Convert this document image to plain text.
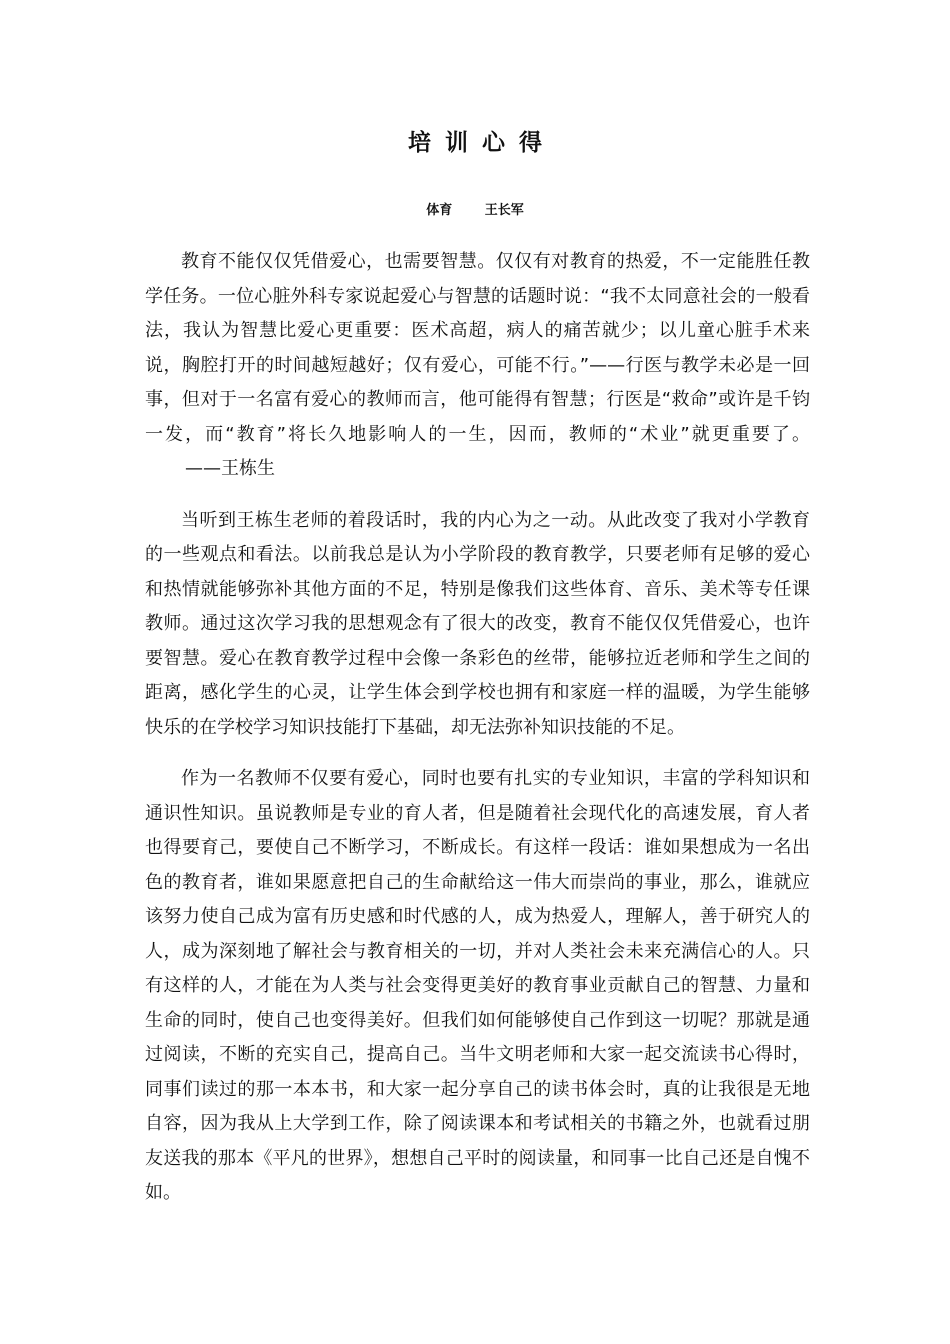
培训心得
体育	王长军

教育不能仅仅凭借爱心，也需要智慧。仅仅有对教育的热爱，不一定能胜任教学任务。一位心脏外科专家说起爱心与智慧的话题时说：“我不太同意社会的一般看法，我认为智慧比爱心更重要：医术高超，病人的痛苦就少；以儿童心脏手术来说，胸腔打开的时间越短越好；仅有爱心，可能不行。”——行医与教学未必是一回事，但对于一名富有爱心的教师而言，他可能得有智慧；行医是“救命”或许是千钧一发，而“教育”将长久地影响人的一生，因而，教师的“术业”就更重要了。——王栋生

当听到王栋生老师的着段话时，我的内心为之一动。从此改变了我对小学教育的一些观点和看法。以前我总是认为小学阶段的教育教学，只要老师有足够的爱心和热情就能够弥补其他方面的不足，特别是像我们这些体育、音乐、美术等专任课教师。通过这次学习我的思想观念有了很大的改变，教育不能仅仅凭借爱心，也许要智慧。爱心在教育教学过程中会像一条彩色的丝带，能够拉近老师和学生之间的距离，感化学生的心灵，让学生体会到学校也拥有和家庭一样的温暖，为学生能够快乐的在学校学习知识技能打下基础，却无法弥补知识技能的不足。

作为一名教师不仅要有爱心，同时也要有扎实的专业知识，丰富的学科知识和通识性知识。虽说教师是专业的育人者，但是随着社会现代化的高速发展，育人者也得要育己，要使自己不断学习，不断成长。有这样一段话：谁如果想成为一名出色的教育者，谁如果愿意把自己的生命献给这一伟大而崇尚的事业，那么，谁就应该努力使自己成为富有历史感和时代感的人，成为热爱人，理解人，善于研究人的人，成为深刻地了解社会与教育相关的一切，并对人类社会未来充满信心的人。只有这样的人，才能在为人类与社会变得更美好的教育事业贡献自己的智慧、力量和生命的同时，使自己也变得美好。但我们如何能够使自己作到这一切呢？那就是通过阅读，不断的充实自己，提高自己。当牛文明老师和大家一起交流读书心得时，同事们读过的那一本本书，和大家一起分享自己的读书体会时，真的让我很是无地自容，因为我从上大学到工作，除了阅读课本和考试相关的书籍之外，也就看过朋友送我的那本《平凡的世界》，想想自己平时的阅读量，和同事一比自己还是自愧不如。
